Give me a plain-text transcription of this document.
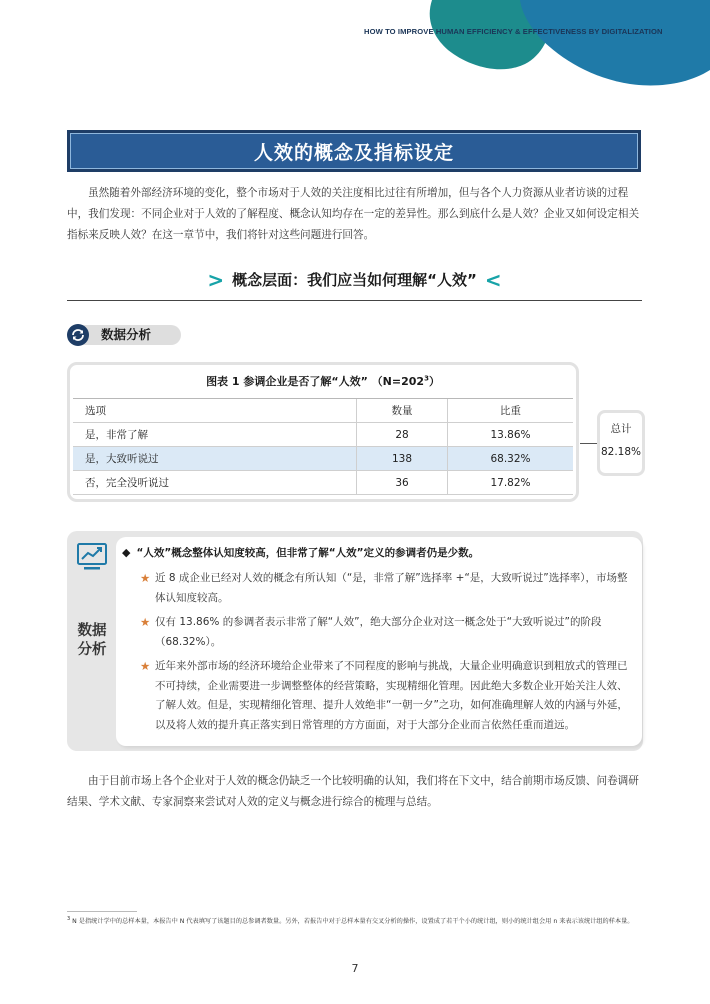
HOW TO IMPROVE HUMAN EFFICIENCY & EFFECTIVENESS BY DIGITALIZATION
人效的概念及指标设定

虽然随着外部经济环境的变化，整个市场对于人效的关注度相比过往有所增加，但与各个人力资源从业者访谈的过程中，我们发现：不同企业对于人效的了解程度、概念认知均存在一定的差异性。那么到底什么是人效？企业又如何设定相关指标来反映人效？在这一章节中，我们将针对这些问题进行回答。

> 概念层面：我们应当如何理解“人效” <
数据分析
图表 1 参调企业是否了解“人效” $(N=202^3)$
选项	数量	比重
是，非常了解	28	13.86%
是，大致听说过	138	68.32%
否，完全没听说过	36	17.82%
总计
82.18%
数据
分析
◆ “人效”概念整体认知度较高，但非常了解“人效”定义的参调者仍是少数。
★ 近 8 成企业已经对人效的概念有所认知（“是，非常了解”选择率 +“是，大致听说过”选择率），市场整体认知度较高。
★ 仅有 13.86% 的参调者表示非常了解“人效”，绝大部分企业对这一概念处于“大致听说过”的阶段（68.32%）。
★ 近年来外部市场的经济环境给企业带来了不同程度的影响与挑战，大量企业明确意识到粗放式的管理已不可持续，企业需要进一步调整整体的经营策略，实现精细化管理。因此绝大多数企业开始关注人效、了解人效。但是，实现精细化管理、提升人效绝非“一朝一夕”之功，如何准确理解人效的内涵与外延，以及将人效的提升真正落实到日常管理的方方面面，对于大部分企业而言依然任重而道远。

由于目前市场上各个企业对于人效的概念仍缺乏一个比较明确的认知，我们将在下文中，结合前期市场反馈、问卷调研结果、学术文献、专家洞察来尝试对人效的定义与概念进行综合的梳理与总结。

$^3$ N 是指统计学中的总样本量，本报告中 N 代表填写了该题目的总参调者数量。另外，若报告中对于总样本量有交叉分析的操作，设置成了若干个小的统计组，则小的统计组会用 n 来表示该统计组的样本量。
7
